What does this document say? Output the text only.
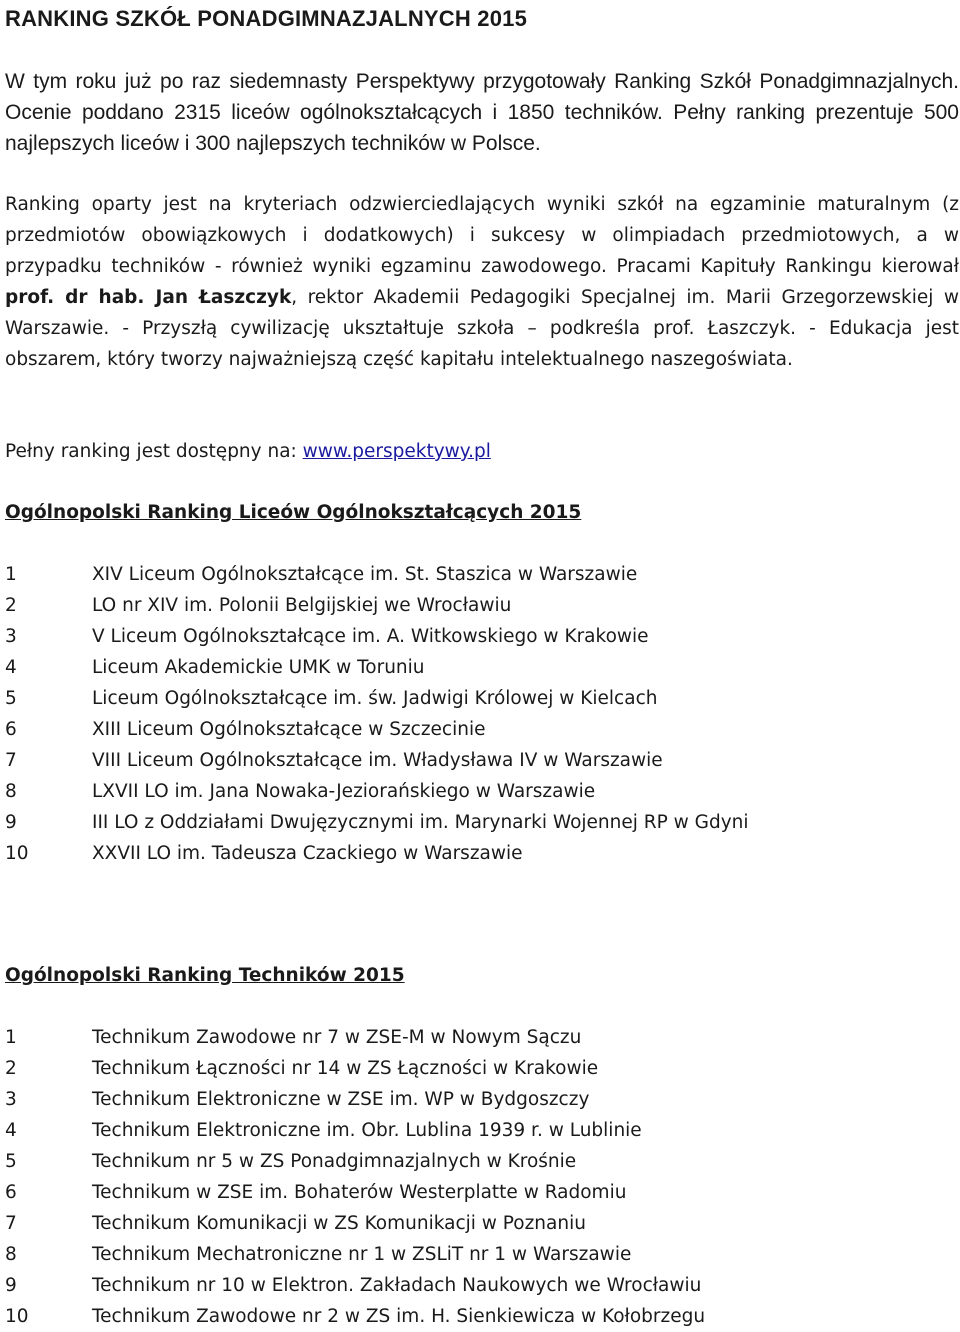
RANKING SZKÓŁ PONADGIMNAZJALNYCH 2015

W tym roku już po raz siedemnasty Perspektywy przygotowały Ranking Szkół Ponadgimnazjalnych. Ocenie poddano 2315 liceów ogólnokształcących i 1850 techników. Pełny ranking prezentuje 500 najlepszych liceów i 300 najlepszych techników w Polsce.

Ranking oparty jest na kryteriach odzwierciedlających wyniki szkół na egzaminie maturalnym (z przedmiotów obowiązkowych i dodatkowych) i sukcesy w olimpiadach przedmiotowych, a w przypadku techników - również wyniki egzaminu zawodowego. Pracami Kapituły Rankingu kierował prof. dr hab. Jan Łaszczyk, rektor Akademii Pedagogiki Specjalnej im. Marii Grzegorzewskiej w Warszawie. - Przyszłą cywilizację ukształtuje szkoła – podkreśla prof. Łaszczyk. - Edukacja jest obszarem, który tworzy najważniejszą część kapitału intelektualnego naszegoświata.

Pełny ranking jest dostępny na: www.perspektywy.pl

Ogólnopolski Ranking Liceów Ogólnokształcących 2015
1	XIV Liceum Ogólnokształcące im. St. Staszica w Warszawie
2	LO nr XIV im. Polonii Belgijskiej we Wrocławiu
3	V Liceum Ogólnokształcące im. A. Witkowskiego w Krakowie
4	Liceum Akademickie UMK w Toruniu
5	Liceum Ogólnokształcące im. św. Jadwigi Królowej w Kielcach
6	XIII Liceum Ogólnokształcące w Szczecinie
7	VIII Liceum Ogólnokształcące im. Władysława IV w Warszawie
8	LXVII LO im. Jana Nowaka-Jeziorańskiego w Warszawie
9	III LO z Oddziałami Dwujęzycznymi im. Marynarki Wojennej RP w Gdyni
10	XXVII LO im. Tadeusza Czackiego w Warszawie
Ogólnopolski Ranking Techników 2015
1	Technikum Zawodowe nr 7 w ZSE-M w Nowym Sączu
2	Technikum Łączności nr 14 w ZS Łączności w Krakowie
3	Technikum Elektroniczne w ZSE im. WP w Bydgoszczy
4	Technikum Elektroniczne im. Obr. Lublina 1939 r. w Lublinie
5	Technikum nr 5 w ZS Ponadgimnazjalnych w Krośnie
6	Technikum w ZSE im. Bohaterów Westerplatte w Radomiu
7	Technikum Komunikacji w ZS Komunikacji w Poznaniu
8	Technikum Mechatroniczne nr 1 w ZSLiT nr 1 w Warszawie
9	Technikum nr 10 w Elektron. Zakładach Naukowych we Wrocławiu
10	Technikum Zawodowe nr 2 w ZS im. H. Sienkiewicza w Kołobrzegu
